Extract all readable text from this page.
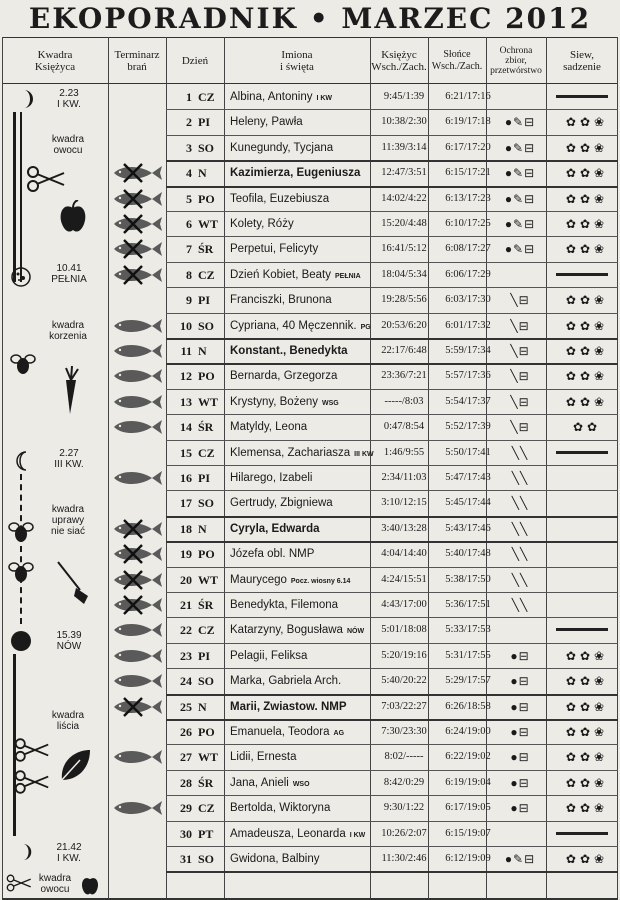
EKOPORADNIK • MARZEC 2012
Kwadra
Księżyca
Terminarz
brań	Dzień	Imiona
i święta
Księżyc
Wsch./Zach.
Słońce
Wsch./Zach.
Ochrona
zbior,
przetwórstwo
Siew,
sadzenie
2.23
I KW.
kwadra
owocu
10.41
PEŁNIA
kwadra
korzenia
2.27
III KW.
kwadra
uprawy
nie siać
15.39
NÓW
kwadra
liścia
21.42
I KW.
kwadra
owocu
1 CZ	Albina, Antoniny I KW	9:45/1:39	6:21/17:16
2 PI	Heleny, Pawła	10:38/2:30	6:19/17:18	●✎⊟	✿✿❀
3 SO	Kunegundy, Tycjana	11:39/3:14	6:17/17:20	●✎⊟	✿✿❀
4 N	Kazimierza, Eugeniusza	12:47/3:51	6:15/17:21	●✎⊟	✿✿❀
5 PO	Teofila, Euzebiusza	14:02/4:22	6:13/17:23	●✎⊟	✿✿❀
6 WT	Kolety, Róży	15:20/4:48	6:10/17:25	●✎⊟	✿✿❀
7 ŚR	Perpetui, Felicyty	16:41/5:12	6:08/17:27	●✎⊟	✿✿❀
8 CZ	Dzień Kobiet, Beaty PEŁNIA	18:04/5:34	6:06/17:29
9 PI	Franciszki, Brunona	19:28/5:56	6:03/17:30	╲⊟	✿✿❀
10 SO	Cypriana, 40 Męczennik. PG	20:53/6:20	6:01/17:32	╲⊟	✿✿❀
11 N	Konstant., Benedykta	22:17/6:48	5:59/17:34	╲⊟	✿✿❀
12 PO	Bernarda, Grzegorza	23:36/7:21	5:57/17:36	╲⊟	✿✿❀
13 WT	Krystyny, Bożeny WSG	-----/8:03	5:54/17:37	╲⊟	✿✿❀
14 ŚR	Matyldy, Leona	0:47/8:54	5:52/17:39	╲⊟	✿✿
15 CZ	Klemensa, Zachariasza III KW 1:46/9:55	5:50/17:41	╲╲
16 PI	Hilarego, Izabeli	2:34/11:03	5:47/17:43	╲╲
17 SO	Gertrudy, Zbigniewa	3:10/12:15	5:45/17:44	╲╲
18 N	Cyryla, Edwarda	3:40/13:28	5:43/17:46	╲╲
19 PO	Józefa obl. NMP	4:04/14:40	5:40/17:48	╲╲
20 WT	Maurycego Pocz. wiosny 6.14	4:24/15:51	5:38/17:50	╲╲
21 ŚR	Benedykta, Filemona	4:43/17:00	5:36/17:51	╲╲
22 CZ	Katarzyny, Bogusława NÓW	5:01/18:08	5:33/17:53
23 PI	Pelagii, Feliksa	5:20/19:16	5:31/17:55	●⊟	✿✿❀
24 SO	Marka, Gabriela Arch.	5:40/20:22	5:29/17:57	●⊟	✿✿❀
25 N	Marii, Zwiastow. NMP	7:03/22:27	6:26/18:58	●⊟	✿✿❀
26 PO	Emanuela, Teodora AG	7:30/23:30	6:24/19:00	●⊟	✿✿❀
27 WT	Lidii, Ernesta	8:02/-----	6:22/19:02	●⊟	✿✿❀
28 ŚR	Jana, Anieli WSO	8:42/0:29	6:19/19:04	●⊟	✿✿❀
29 CZ	Bertolda, Wiktoryna	9:30/1:22	6:17/19:05	●⊟	✿✿❀
30 PT	Amadeusza, Leonarda I KW	10:26/2:07	6:15/19:07
31 SO	Gwidona, Balbiny	11:30/2:46	6:12/19:09	●✎⊟	✿✿❀
